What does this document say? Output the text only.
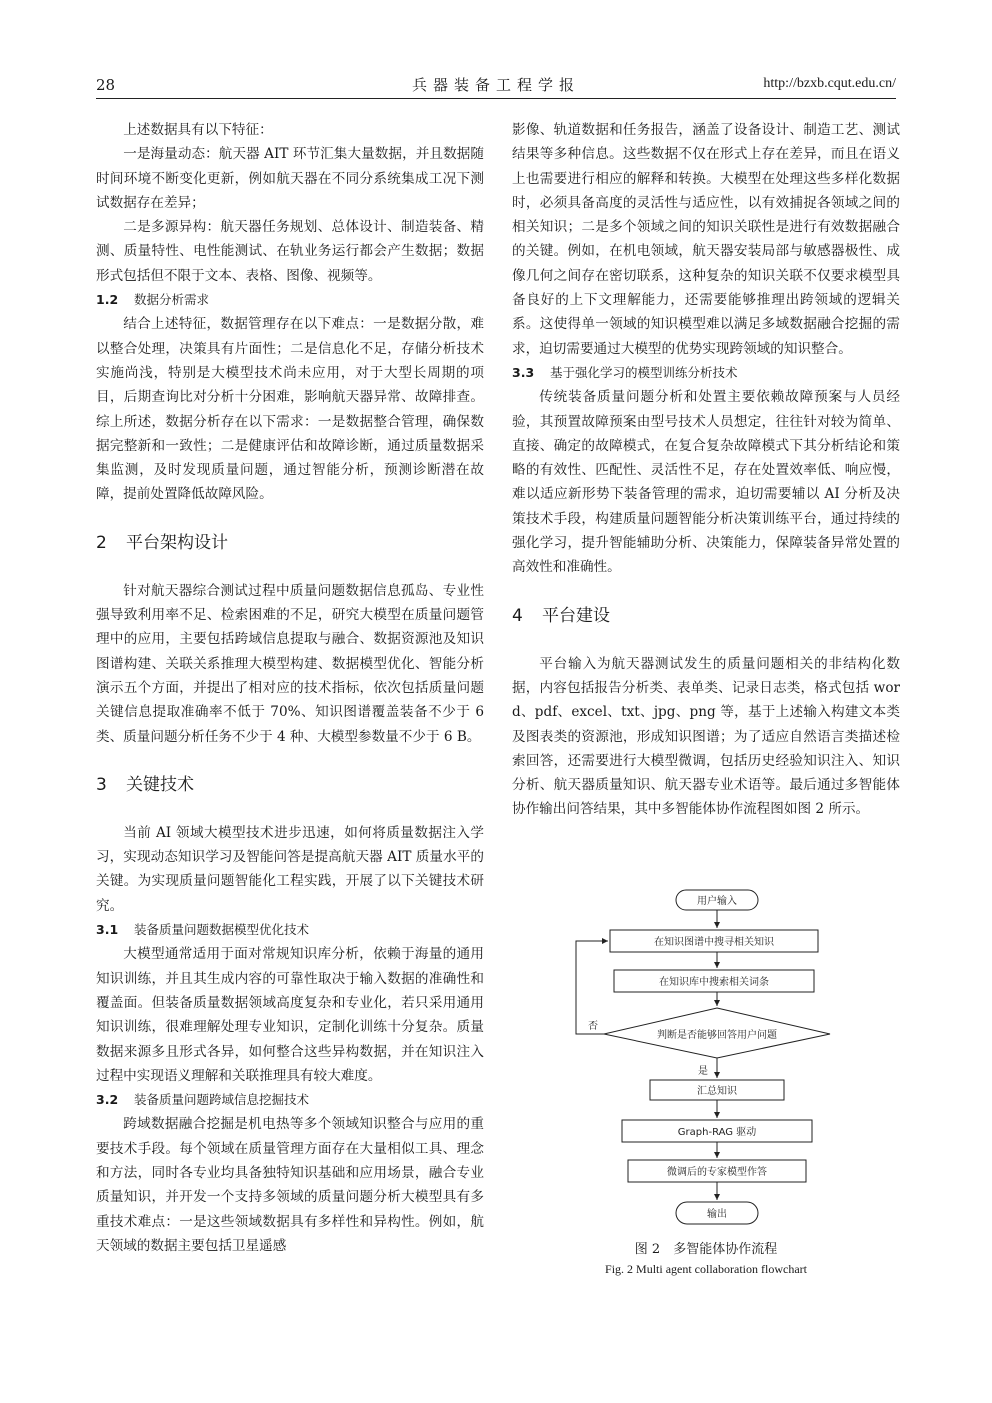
28	兵器装备工程学报	http://bzxb.cqut.edu.cn/

上述数据具有以下特征：

一是海量动态：航天器 AIT 环节汇集大量数据，并且数据随时间环境不断变化更新，例如航天器在不同分系统集成工况下测试数据存在差异；

二是多源异构：航天器任务规划、总体设计、制造装备、精测、质量特性、电性能测试、在轨业务运行都会产生数据；数据形式包括但不限于文本、表格、图像、视频等。

1.2 数据分析需求

结合上述特征，数据管理存在以下难点：一是数据分散，难以整合处理，决策具有片面性；二是信息化不足，存储分析技术实施尚浅，特别是大模型技术尚未应用，对于大型长周期的项目，后期查询比对分析十分困难，影响航天器异常、故障排查。综上所述，数据分析存在以下需求：一是数据整合管理，确保数据完整新和一致性；二是健康评估和故障诊断，通过质量数据采集监测，及时发现质量问题，通过智能分析，预测诊断潜在故障，提前处置降低故障风险。

2 平台架构设计

针对航天器综合测试过程中质量问题数据信息孤岛、专业性强导致利用率不足、检索困难的不足，研究大模型在质量问题管理中的应用，主要包括跨域信息提取与融合、数据资源池及知识图谱构建、关联关系推理大模型构建、数据模型优化、智能分析演示五个方面，并提出了相对应的技术指标，依次包括质量问题关键信息提取准确率不低于 70%、知识图谱覆盖装备不少于 6 类、质量问题分析任务不少于 4 种、大模型参数量不少于 6 B。

3 关键技术

当前 AI 领域大模型技术进步迅速，如何将质量数据注入学习，实现动态知识学习及智能问答是提高航天器 AIT 质量水平的关键。为实现质量问题智能化工程实践，开展了以下关键技术研究。

3.1 装备质量问题数据模型优化技术

大模型通常适用于面对常规知识库分析，依赖于海量的通用知识训练，并且其生成内容的可靠性取决于输入数据的准确性和覆盖面。但装备质量数据领域高度复杂和专业化，若只采用通用知识训练，很难理解处理专业知识，定制化训练十分复杂。质量数据来源多且形式各异，如何整合这些异构数据，并在知识注入过程中实现语义理解和关联推理具有较大难度。

3.2 装备质量问题跨域信息挖掘技术

跨域数据融合挖掘是机电热等多个领域知识整合与应用的重要技术手段。每个领域在质量管理方面存在大量相似工具、理念和方法，同时各专业均具备独特知识基础和应用场景，融合专业质量知识，并开发一个支持多领域的质量问题分析大模型具有多重技术难点：一是这些领域数据具有多样性和异构性。例如，航天领域的数据主要包括卫星遥感

影像、轨道数据和任务报告，涵盖了设备设计、制造工艺、测试结果等多种信息。这些数据不仅在形式上存在差异，而且在语义上也需要进行相应的解释和转换。大模型在处理这些多样化数据时，必须具备高度的灵活性与适应性，以有效捕捉各领域之间的相关知识；二是多个领域之间的知识关联性是进行有效数据融合的关键。例如，在机电领域，航天器安装局部与敏感器极性、成像几何之间存在密切联系，这种复杂的知识关联不仅要求模型具备良好的上下文理解能力，还需要能够推理出跨领域的逻辑关系。这使得单一领域的知识模型难以满足多域数据融合挖掘的需求，迫切需要通过大模型的优势实现跨领域的知识整合。

3.3 基于强化学习的模型训练分析技术

传统装备质量问题分析和处置主要依赖故障预案与人员经验，其预置故障预案由型号技术人员想定，往往针对较为简单、直接、确定的故障模式，在复合复杂故障模式下其分析结论和策略的有效性、匹配性、灵活性不足，存在处置效率低、响应慢，难以适应新形势下装备管理的需求，迫切需要辅以 AI 分析及决策技术手段，构建质量问题智能分析决策训练平台，通过持续的强化学习，提升智能辅助分析、决策能力，保障装备异常处置的高效性和准确性。

4 平台建设

平台输入为航天器测试发生的质量问题相关的非结构化数据，内容包括报告分析类、表单类、记录日志类，格式包括 word、pdf、excel、txt、jpg、png 等，基于上述输入构建文本类及图表类的资源池，形成知识图谱；为了适应自然语言类描述检索回答，还需要进行大模型微调，包括历史经验知识注入、知识分析、航天器质量知识、航天器专业术语等。最后通过多智能体协作输出问答结果，其中多智能体协作流程图如图 2 所示。

用户输入
在知识图谱中搜寻相关知识
在知识库中搜索相关词条
判断是否能够回答用户问题
否
是
汇总知识
Graph-RAG 驱动
微调后的专家模型作答
输出
图 2　多智能体协作流程
Fig. 2 Multi agent collaboration flowchart
